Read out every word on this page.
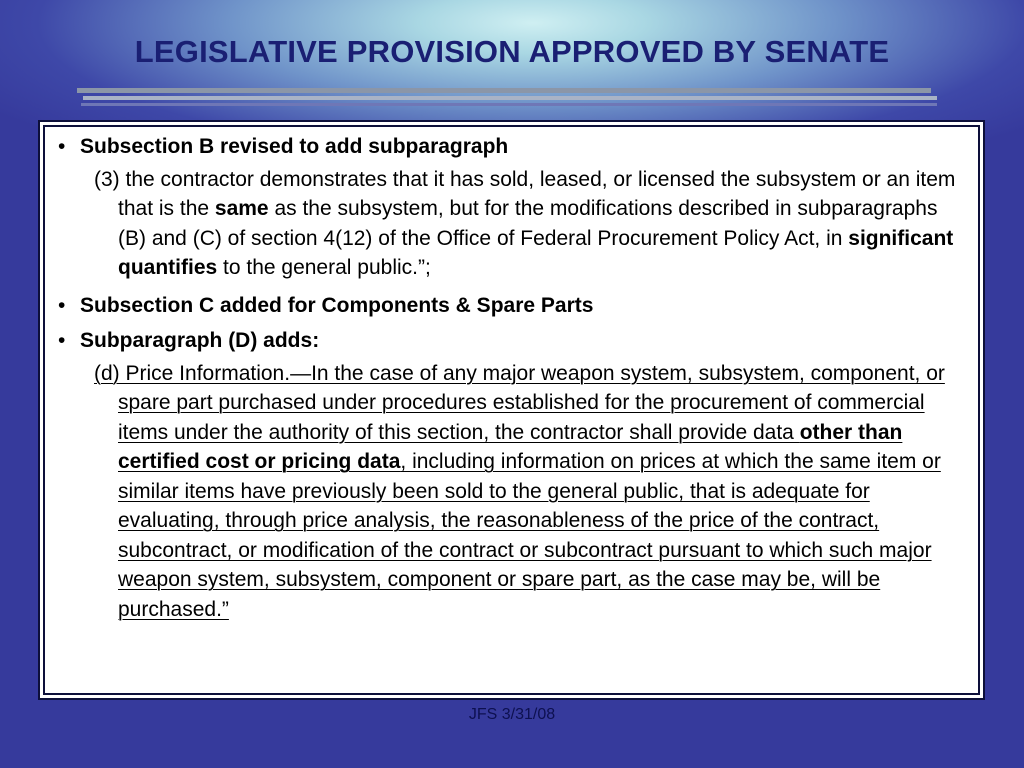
LEGISLATIVE PROVISION APPROVED BY SENATE
• Subsection B revised to add subparagraph

(3) the contractor demonstrates that it has sold, leased, or licensed the subsystem or an item that is the same as the subsystem, but for the modifications described in subparagraphs (B) and (C) of section 4(12) of the Office of Federal Procurement Policy Act, in significant quantifies to the general public.”;

• Subsection C added for Components & Spare Parts
• Subparagraph (D) adds:

(d) Price Information.—In the case of any major weapon system, subsystem, component, or spare part purchased under procedures established for the procurement of commercial items under the authority of this section, the contractor shall provide data other than certified cost or pricing data, including information on prices at which the same item or similar items have previously been sold to the general public, that is adequate for evaluating, through price analysis, the reasonableness of the price of the contract, subcontract, or modification of the contract or subcontract pursuant to which such major weapon system, subsystem, component or spare part, as the case may be, will be purchased.”

JFS 3/31/08
